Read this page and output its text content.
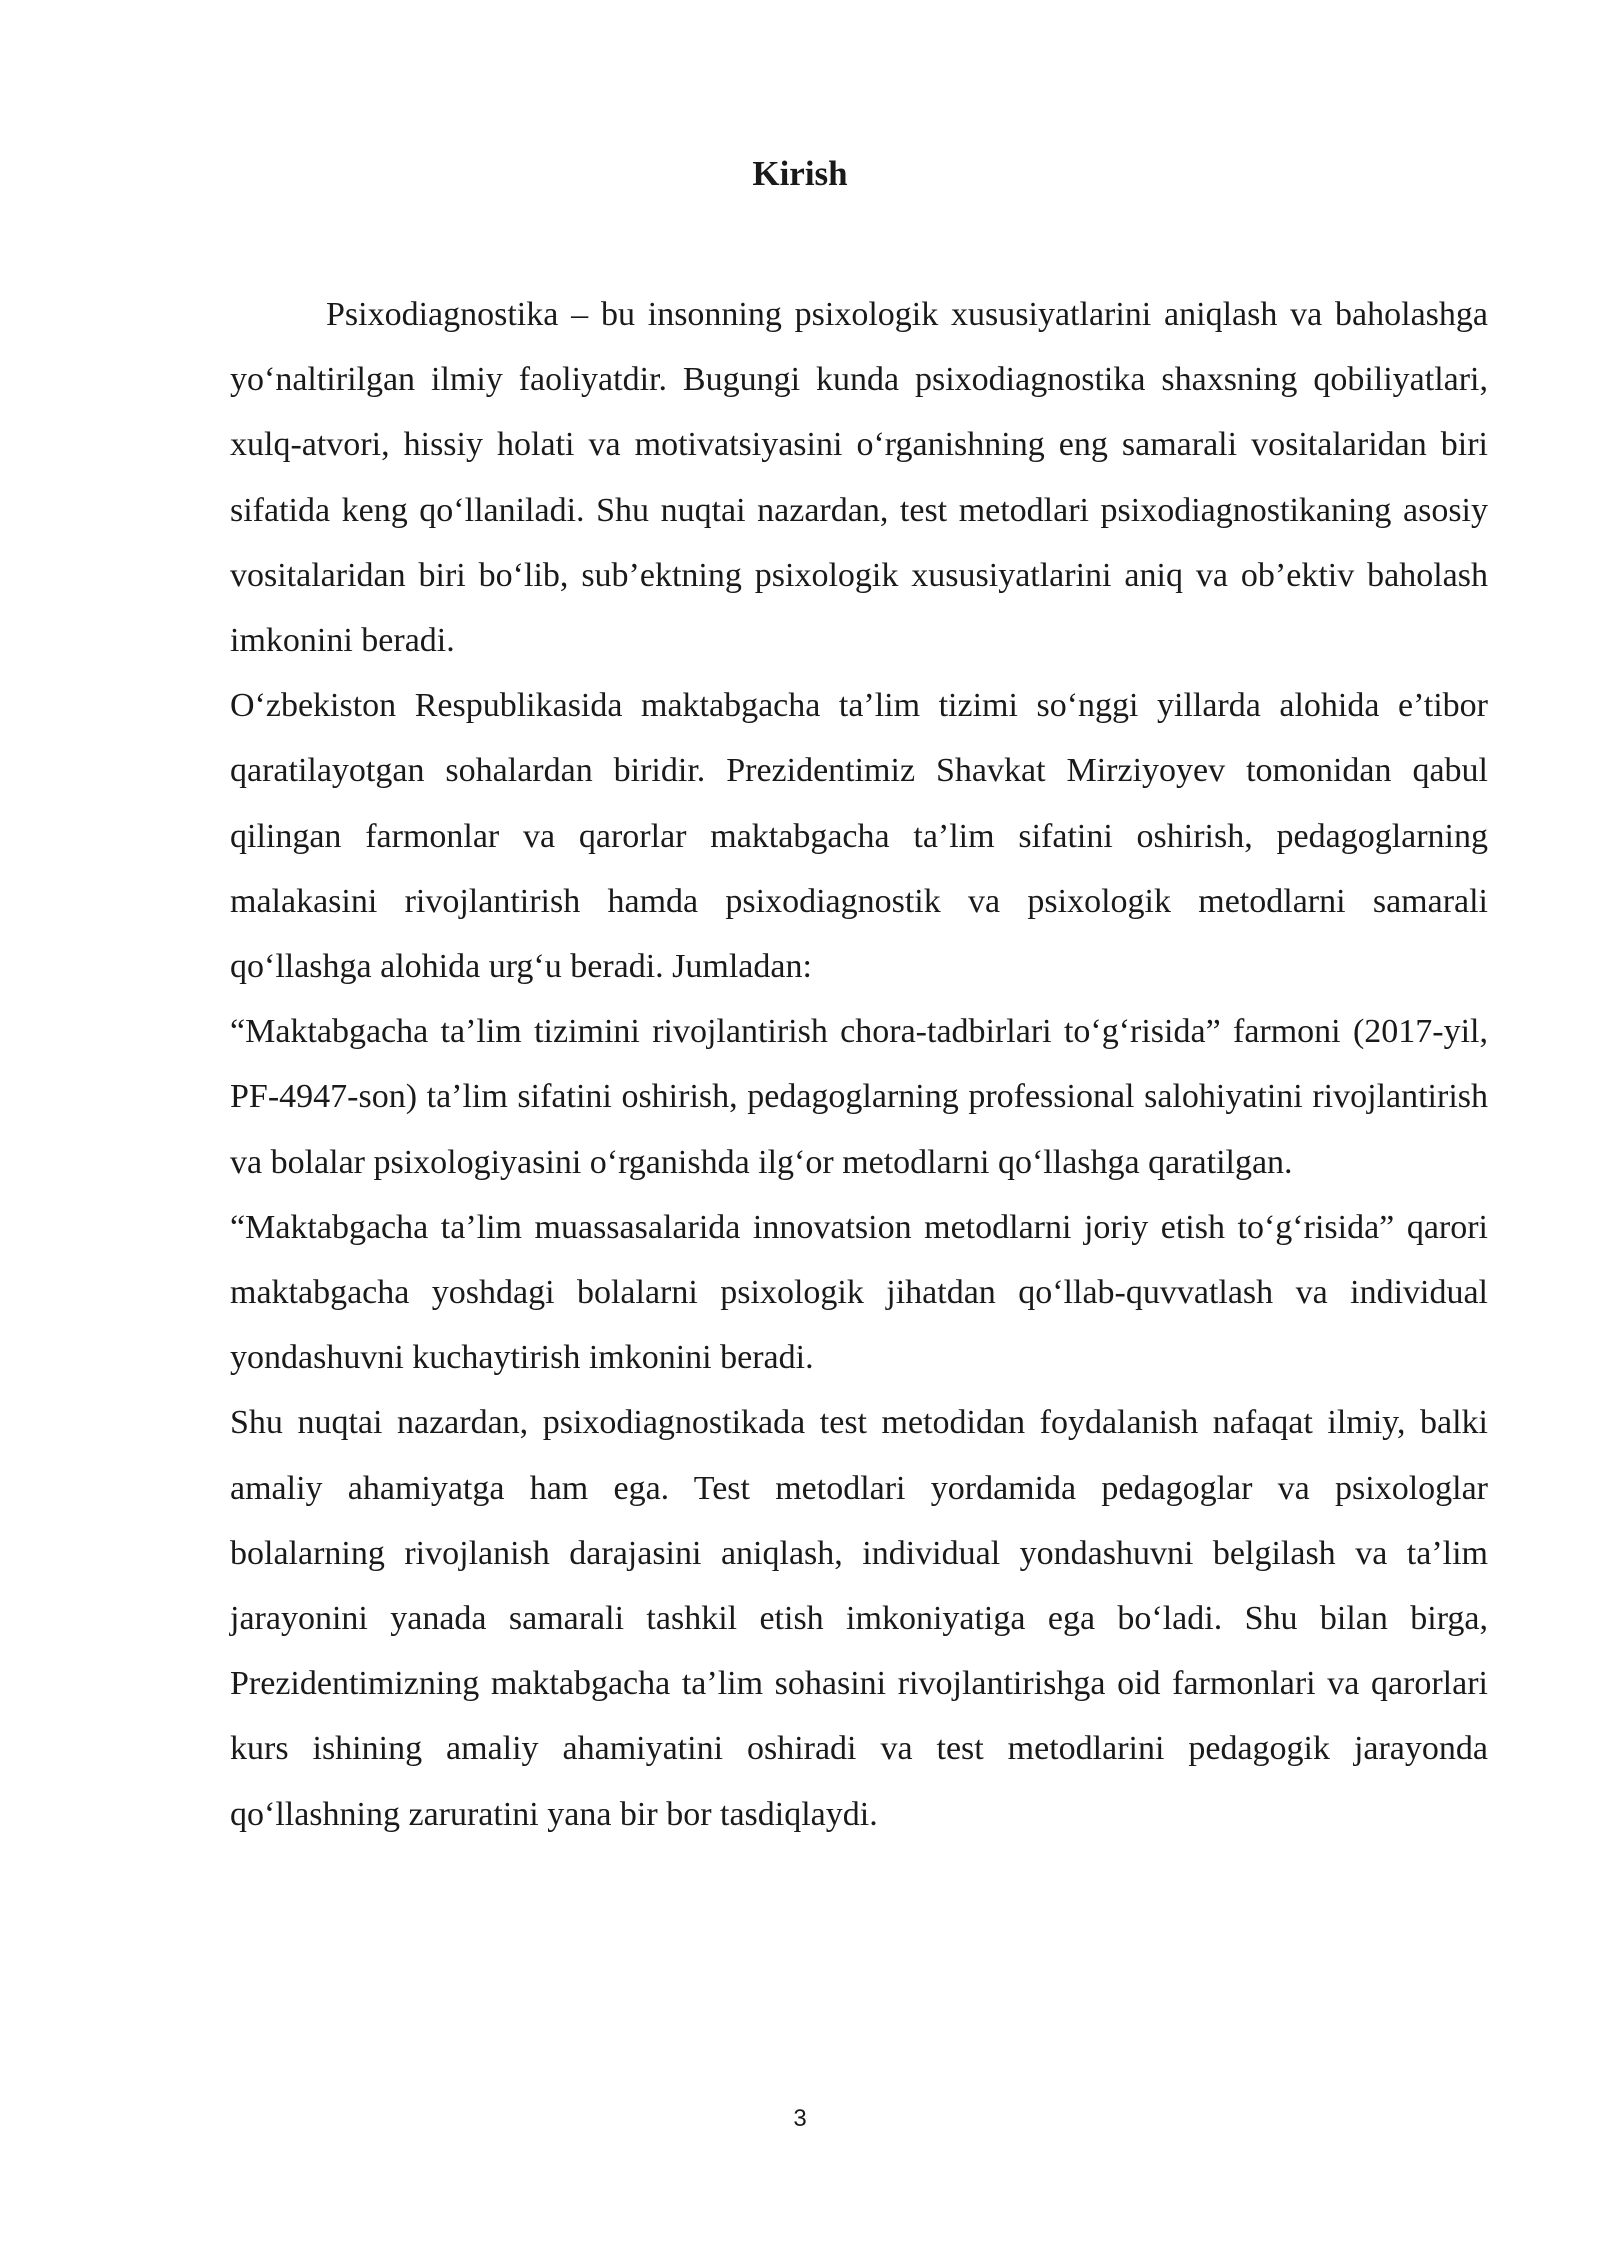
Kirish

Psixodiagnostika – bu insonning psixologik xususiyatlarini aniqlash va baholashga yo‘naltirilgan ilmiy faoliyatdir. Bugungi kunda psixodiagnostika shaxsning qobiliyatlari, xulq-atvori, hissiy holati va motivatsiyasini o‘rganishning eng samarali vositalaridan biri sifatida keng qo‘llaniladi. Shu nuqtai nazardan, test metodlari psixodiagnostikaning asosiy vositalaridan biri bo‘lib, sub’ektning psixologik xususiyatlarini aniq va ob’ektiv baholash imkonini beradi.

O‘zbekiston Respublikasida maktabgacha ta’lim tizimi so‘nggi yillarda alohida e’tibor qaratilayotgan sohalardan biridir. Prezidentimiz Shavkat Mirziyoyev tomonidan qabul qilingan farmonlar va qarorlar maktabgacha ta’lim sifatini oshirish, pedagoglarning malakasini rivojlantirish hamda psixodiagnostik va psixologik metodlarni samarali qo‘llashga alohida urg‘u beradi. Jumladan:

“Maktabgacha ta’lim tizimini rivojlantirish chora-tadbirlari to‘g‘risida” farmoni (2017-yil, PF-4947-son) ta’lim sifatini oshirish, pedagoglarning professional salohiyatini rivojlantirish va bolalar psixologiyasini o‘rganishda ilg‘or metodlarni qo‘llashga qaratilgan.

“Maktabgacha ta’lim muassasalarida innovatsion metodlarni joriy etish to‘g‘risida” qarori maktabgacha yoshdagi bolalarni psixologik jihatdan qo‘llab-quvvatlash va individual yondashuvni kuchaytirish imkonini beradi.

Shu nuqtai nazardan, psixodiagnostikada test metodidan foydalanish nafaqat ilmiy, balki amaliy ahamiyatga ham ega. Test metodlari yordamida pedagoglar va psixologlar bolalarning rivojlanish darajasini aniqlash, individual yondashuvni belgilash va ta’lim jarayonini yanada samarali tashkil etish imkoniyatiga ega bo‘ladi. Shu bilan birga, Prezidentimizning maktabgacha ta’lim sohasini rivojlantirishga oid farmonlari va qarorlari kurs ishining amaliy ahamiyatini oshiradi va test metodlarini pedagogik jarayonda qo‘llashning zaruratini yana bir bor tasdiqlaydi.

3
